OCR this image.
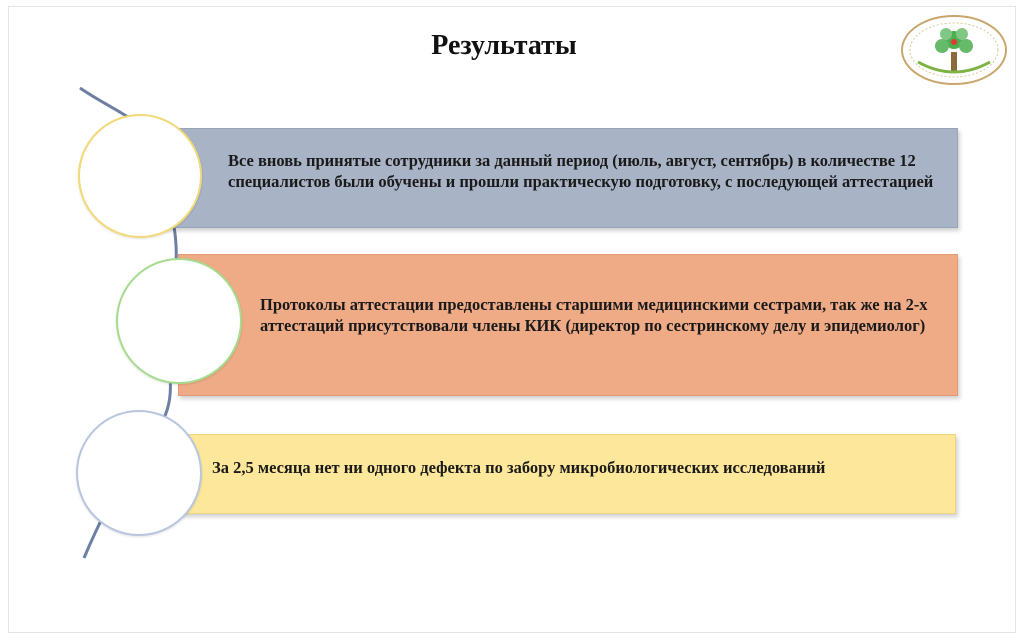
Результаты
Все вновь принятые сотрудники за данный период (июль, август, сентябрь) в количестве 12 специалистов были обучены и прошли практическую подготовку, с последующей аттестацией
Протоколы аттестации предоставлены старшими медицинскими сестрами, так же на 2-х аттестаций присутствовали члены КИК (директор по сестринскому делу и эпидемиолог)
За 2,5 месяца нет ни одного дефекта по забору микробиологических исследований
